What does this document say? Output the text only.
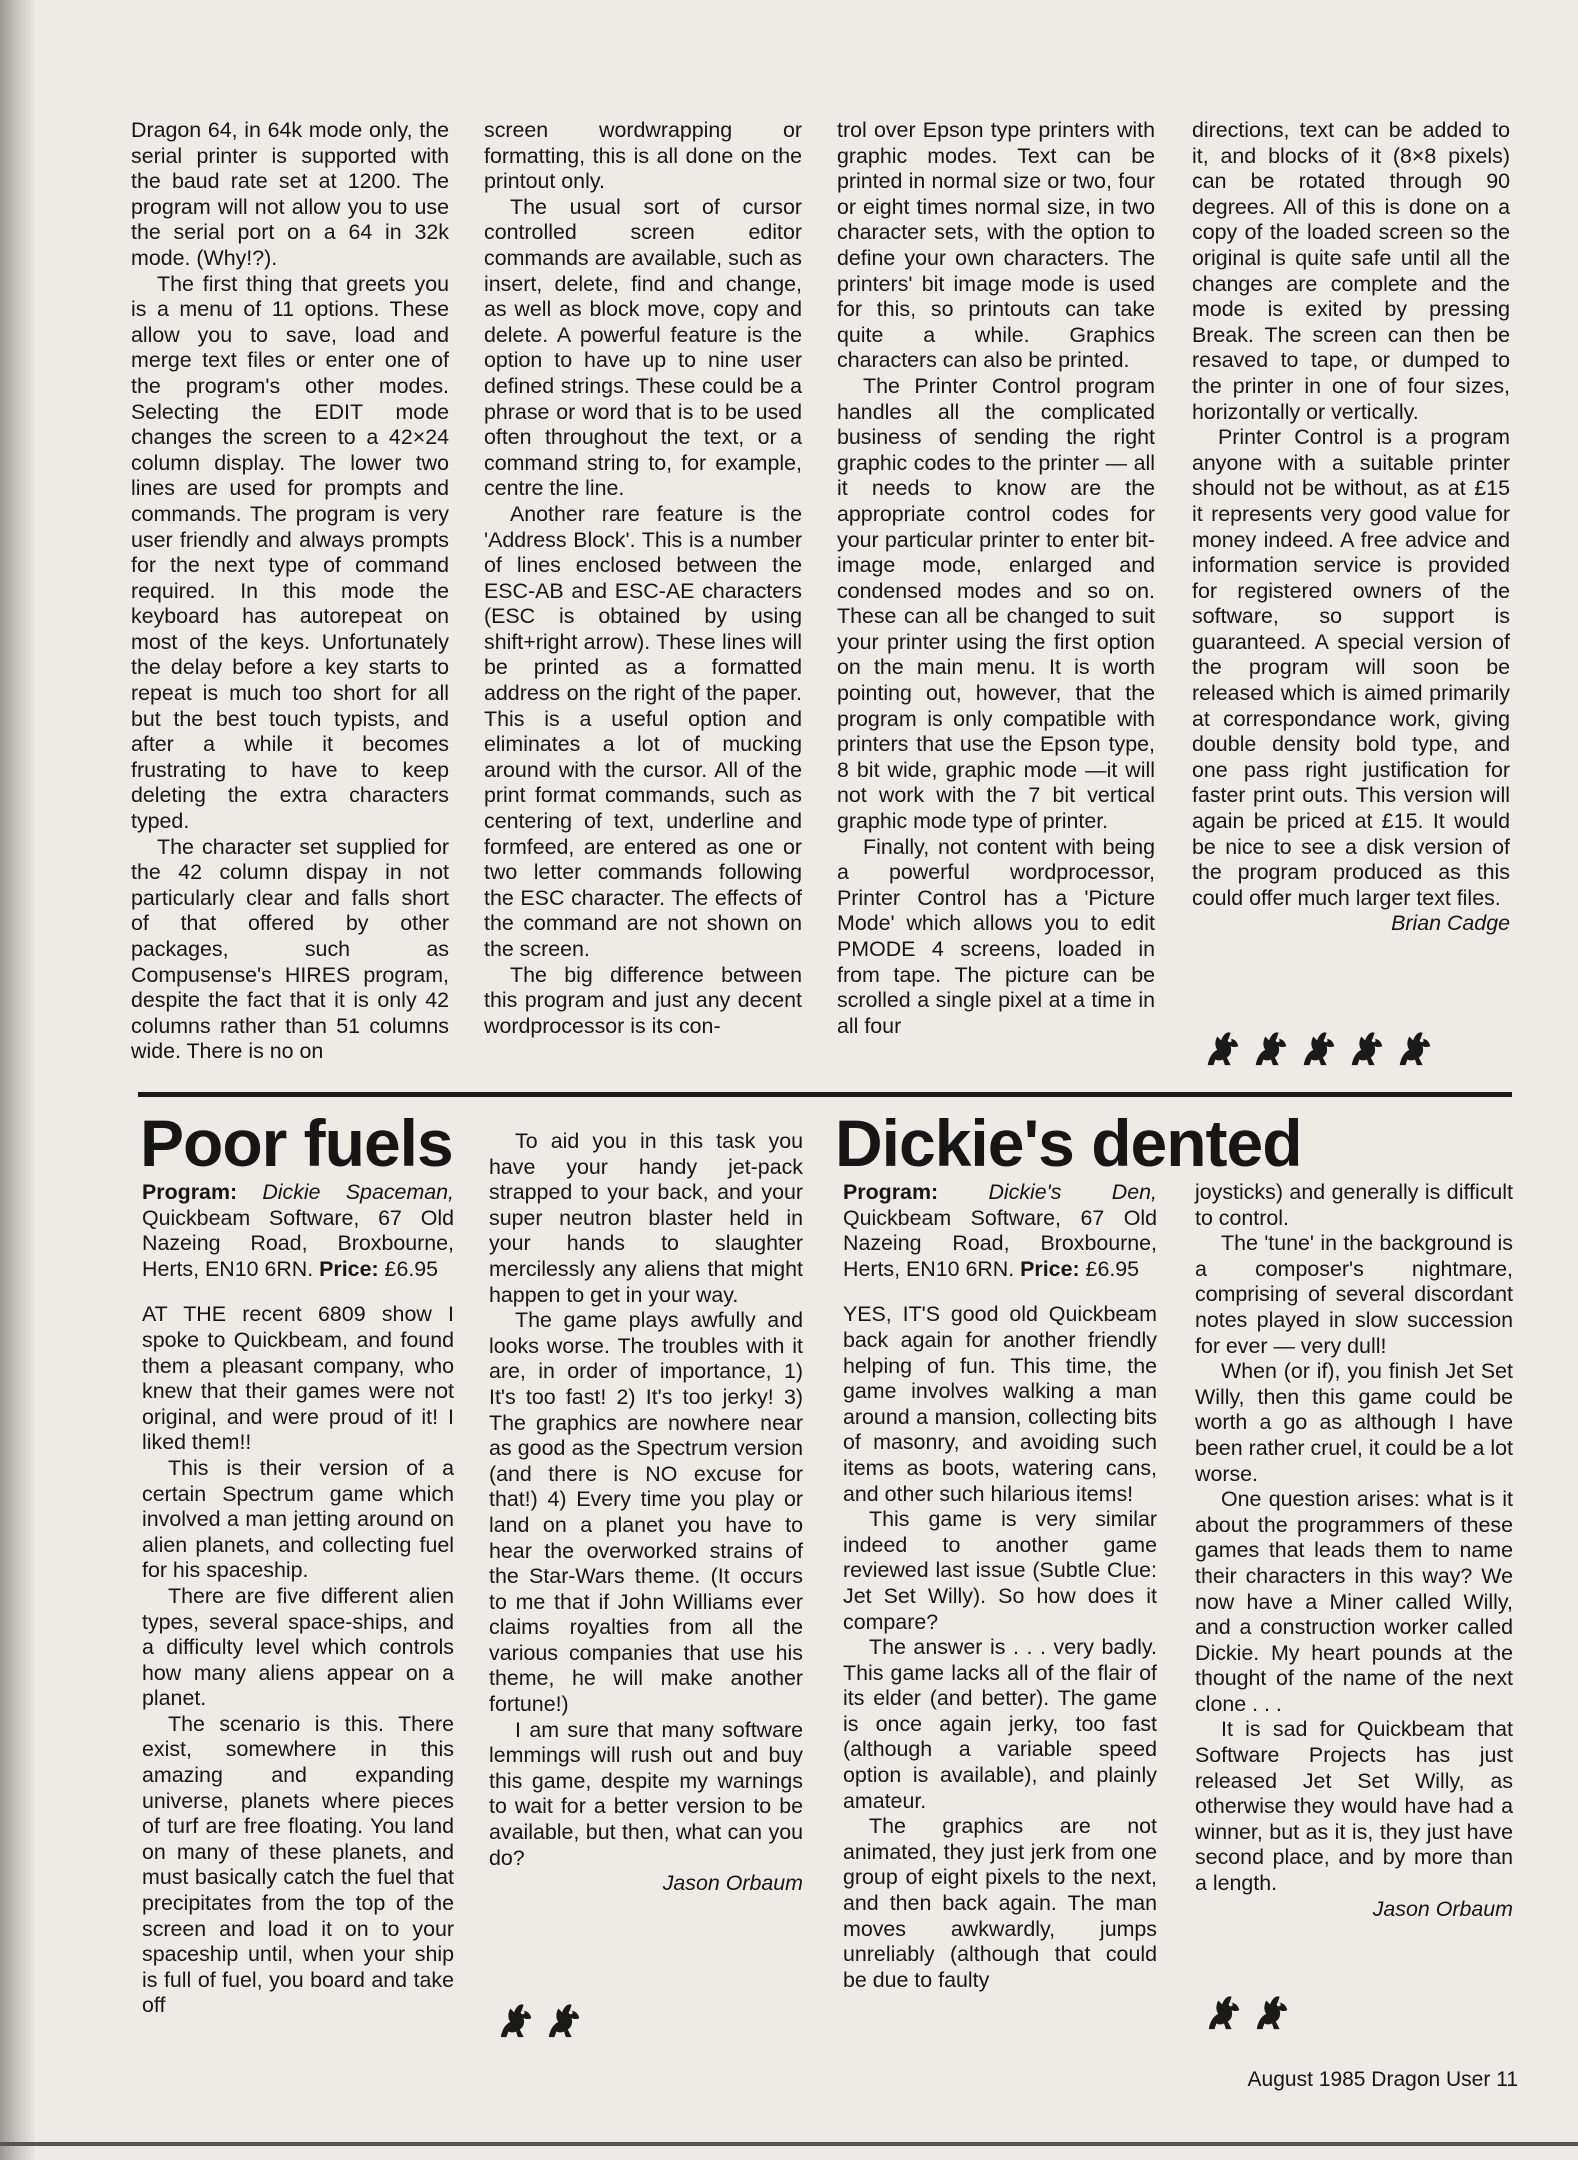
Dragon 64, in 64k mode only, the serial printer is supported with the baud rate set at 1200. The program will not allow you to use the serial port on a 64 in 32k mode. (Why!?).

The first thing that greets you is a menu of 11 options. These allow you to save, load and merge text files or enter one of the program's other modes. Selecting the EDIT mode changes the screen to a 42×24 column display. The lower two lines are used for prompts and commands. The program is very user friendly and always prompts for the next type of command required. In this mode the keyboard has autorepeat on most of the keys. Unfortunately the delay before a key starts to repeat is much too short for all but the best touch typists, and after a while it becomes frustrating to have to keep deleting the extra characters typed.

The character set supplied for the 42 column dispay in not particularly clear and falls short of that offered by other packages, such as Compusense's HIRES program, despite the fact that it is only 42 columns rather than 51 columns wide. There is no on

screen wordwrapping or formatting, this is all done on the printout only.

The usual sort of cursor controlled screen editor commands are available, such as insert, delete, find and change, as well as block move, copy and delete. A powerful feature is the option to have up to nine user defined strings. These could be a phrase or word that is to be used often throughout the text, or a command string to, for example, centre the line.

Another rare feature is the 'Address Block'. This is a number of lines enclosed between the ESC-AB and ESC-AE characters (ESC is obtained by using shift+right arrow). These lines will be printed as a formatted address on the right of the paper. This is a useful option and eliminates a lot of mucking around with the cursor. All of the print format commands, such as centering of text, underline and formfeed, are entered as one or two letter commands following the ESC character. The effects of the command are not shown on the screen.

The big difference between this program and just any decent wordprocessor is its con-

trol over Epson type printers with graphic modes. Text can be printed in normal size or two, four or eight times normal size, in two character sets, with the option to define your own characters. The printers' bit image mode is used for this, so printouts can take quite a while. Graphics characters can also be printed.

The Printer Control program handles all the complicated business of sending the right graphic codes to the printer — all it needs to know are the appropriate control codes for your particular printer to enter bit-image mode, enlarged and condensed modes and so on. These can all be changed to suit your printer using the first option on the main menu. It is worth pointing out, however, that the program is only compatible with printers that use the Epson type, 8 bit wide, graphic mode —it will not work with the 7 bit vertical graphic mode type of printer.

Finally, not content with being a powerful wordprocessor, Printer Control has a 'Picture Mode' which allows you to edit PMODE 4 screens, loaded in from tape. The picture can be scrolled a single pixel at a time in all four

directions, text can be added to it, and blocks of it (8×8 pixels) can be rotated through 90 degrees. All of this is done on a copy of the loaded screen so the original is quite safe until all the changes are complete and the mode is exited by pressing Break. The screen can then be resaved to tape, or dumped to the printer in one of four sizes, horizontally or vertically.

Printer Control is a program anyone with a suitable printer should not be without, as at £15 it represents very good value for money indeed. A free advice and information service is provided for registered owners of the software, so support is guaranteed. A special version of the program will soon be released which is aimed primarily at correspondance work, giving double density bold type, and one pass right justification for faster print outs. This version will again be priced at £15. It would be nice to see a disk version of the program produced as this could offer much larger text files.

Brian Cadge

Poor fuels

Program: Dickie Spaceman, Quickbeam Software, 67 Old Nazeing Road, Broxbourne, Herts, EN10 6RN. Price: £6.95

AT THE recent 6809 show I spoke to Quickbeam, and found them a pleasant company, who knew that their games were not original, and were proud of it! I liked them!!

This is their version of a certain Spectrum game which involved a man jetting around on alien planets, and collecting fuel for his spaceship.

There are five different alien types, several space-ships, and a difficulty level which controls how many aliens appear on a planet.

The scenario is this. There exist, somewhere in this amazing and expanding universe, planets where pieces of turf are free floating. You land on many of these planets, and must basically catch the fuel that precipitates from the top of the screen and load it on to your spaceship until, when your ship is full of fuel, you board and take off

To aid you in this task you have your handy jet-pack strapped to your back, and your super neutron blaster held in your hands to slaughter mercilessly any aliens that might happen to get in your way.

The game plays awfully and looks worse. The troubles with it are, in order of importance, 1) It's too fast! 2) It's too jerky! 3) The graphics are nowhere near as good as the Spectrum version (and there is NO excuse for that!) 4) Every time you play or land on a planet you have to hear the overworked strains of the Star-Wars theme. (It occurs to me that if John Williams ever claims royalties from all the various companies that use his theme, he will make another fortune!)

I am sure that many software lemmings will rush out and buy this game, despite my warnings to wait for a better version to be available, but then, what can you do?

Jason Orbaum

Dickie's dented

Program: Dickie's Den, Quickbeam Software, 67 Old Nazeing Road, Broxbourne, Herts, EN10 6RN. Price: £6.95

YES, IT'S good old Quickbeam back again for another friendly helping of fun. This time, the game involves walking a man around a mansion, collecting bits of masonry, and avoiding such items as boots, watering cans, and other such hilarious items!

This game is very similar indeed to another game reviewed last issue (Subtle Clue: Jet Set Willy). So how does it compare?

The answer is . . . very badly. This game lacks all of the flair of its elder (and better). The game is once again jerky, too fast (although a variable speed option is available), and plainly amateur.

The graphics are not animated, they just jerk from one group of eight pixels to the next, and then back again. The man moves awkwardly, jumps unreliably (although that could be due to faulty

joysticks) and generally is difficult to control.

The 'tune' in the background is a composer's nightmare, comprising of several discordant notes played in slow succession for ever — very dull!

When (or if), you finish Jet Set Willy, then this game could be worth a go as although I have been rather cruel, it could be a lot worse.

One question arises: what is it about the programmers of these games that leads them to name their characters in this way? We now have a Miner called Willy, and a construction worker called Dickie. My heart pounds at the thought of the name of the next clone . . .

It is sad for Quickbeam that Software Projects has just released Jet Set Willy, as otherwise they would have had a winner, but as it is, they just have second place, and by more than a length.

Jason Orbaum

August 1985 Dragon User 11
